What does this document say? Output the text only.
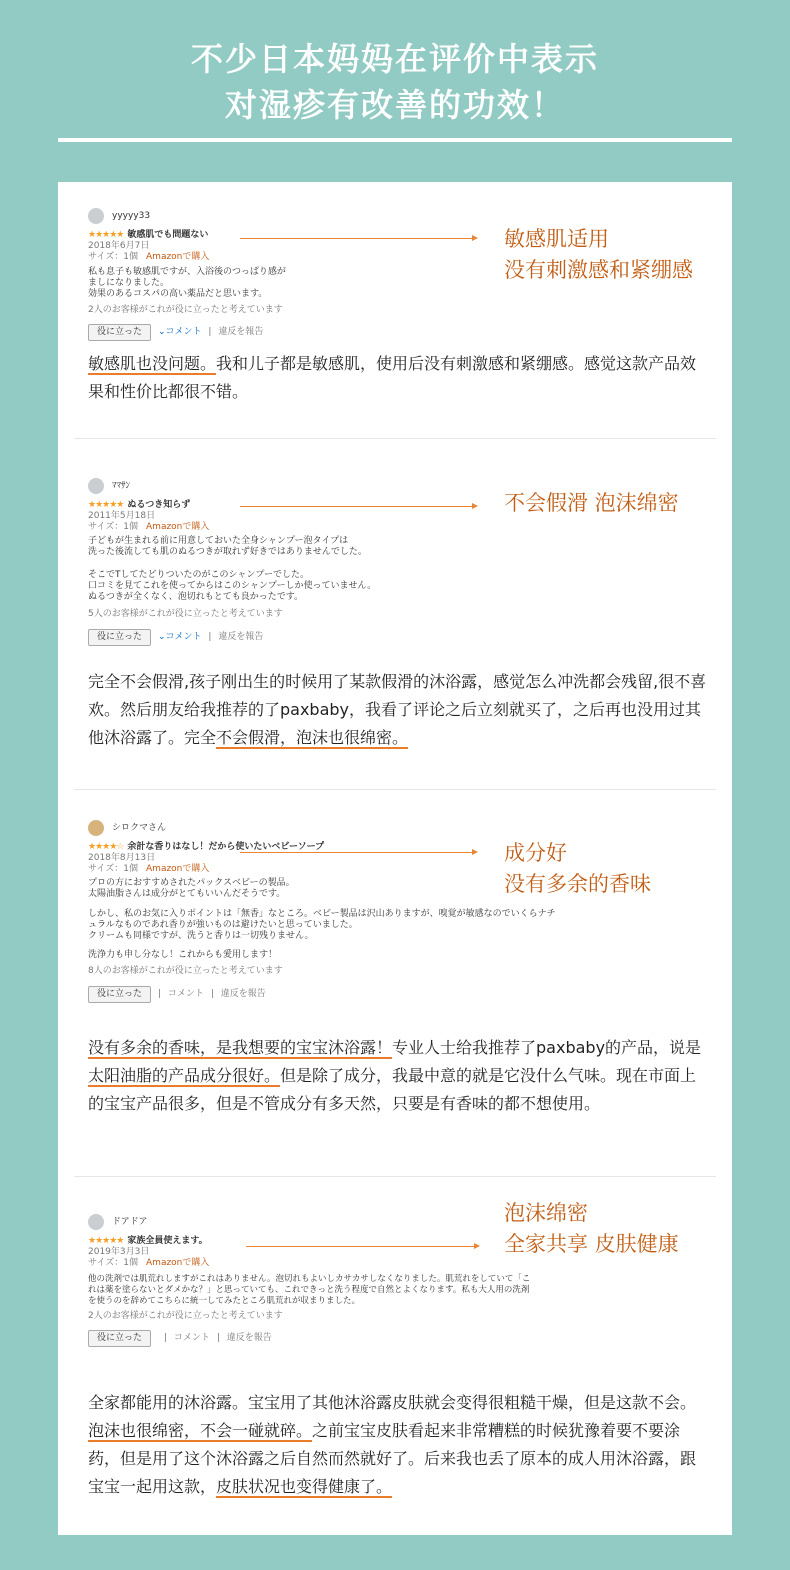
不少日本妈妈在评价中表示
对湿疹有改善的功效！
yyyyy33
★★★★★ 敏感肌でも問題ない
2018年6月7日
サイズ：1個 Amazonで購入
私も息子も敏感肌ですが、入浴後のつっぱり感が
ましになりました。
効果のあるコスパの高い薬品だと思います。
2人のお客様がこれが役に立ったと考えています
役に立った	⌄コメント | 違反を報告
敏感肌适用
没有刺激感和紧绷感
敏感肌也没问题。我和儿子都是敏感肌，使用后没有刺激感和紧绷感。感觉这款产品效果和性价比都很不错。
ﾏﾏｻﾝ
★★★★★ ぬるつき知らず
2011年5月18日
サイズ：1個 Amazonで購入
子どもが生まれる前に用意しておいた全身シャンプー泡タイプは
洗った後流しても肌のぬるつきが取れず好きではありませんでした。
そこでTしてたどりついたのがこのシャンプーでした。
口コミを見てこれを使ってからはこのシャンプーしか使っていません。
ぬるつきが全くなく、泡切れもとても良かったです。
5人のお客様がこれが役に立ったと考えています
役に立った	⌄コメント | 違反を報告
不会假滑 泡沫绵密
完全不会假滑,孩子刚出生的时候用了某款假滑的沐浴露，感觉怎么冲洗都会残留,很不喜欢。然后朋友给我推荐的了paxbaby，我看了评论之后立刻就买了，之后再也没用过其他沐浴露了。完全不会假滑，泡沫也很绵密。
シロクマさん
★★★★☆ 余計な香りはなし！だから使いたいベビーソープ
2018年8月13日
サイズ：1個 Amazonで購入
プロの方におすすめされたパックスベビーの製品。
太陽油脂さんは成分がとてもいいんだそうです。
しかし、私のお気に入りポイントは「無香」なところ。ベビー製品は沢山ありますが、嗅覚が敏感なのでいくらナチ
ュラルなものであれ香りが強いものは避けたいと思っていました。
クリームも同様ですが、洗うと香りは一切残りません。
洗浄力も申し分なし！これからも愛用します！
8人のお客様がこれが役に立ったと考えています
役に立った	| コメント | 違反を報告
成分好
没有多余的香味
没有多余的香味，是我想要的宝宝沐浴露！专业人士给我推荐了paxbaby的产品，说是太阳油脂的产品成分很好。但是除了成分，我最中意的就是它没什么气味。现在市面上的宝宝产品很多，但是不管成分有多天然，只要是有香味的都不想使用。
ドアドア
★★★★★ 家族全員使えます。
2019年3月3日
サイズ：1個 Amazonで購入
他の洗剤では肌荒れしますがこれはありません。泡切れもよいしカサカサしなくなりました。肌荒れをしていて「こ
れは薬を塗らないとダメかな？」と思っていても、これできっと洗う程度で自然とよくなります。私も大人用の洗剤
を使うのを辞めてこちらに統一してみたところ肌荒れが収まりました。
2人のお客様がこれが役に立ったと考えています
役に立った	| コメント | 違反を報告
泡沫绵密
全家共享 皮肤健康
全家都能用的沐浴露。宝宝用了其他沐浴露皮肤就会变得很粗糙干燥，但是这款不会。泡沫也很绵密，不会一碰就碎。之前宝宝皮肤看起来非常糟糕的时候犹豫着要不要涂药，但是用了这个沐浴露之后自然而然就好了。后来我也丢了原本的成人用沐浴露，跟宝宝一起用这款，皮肤状况也变得健康了。
